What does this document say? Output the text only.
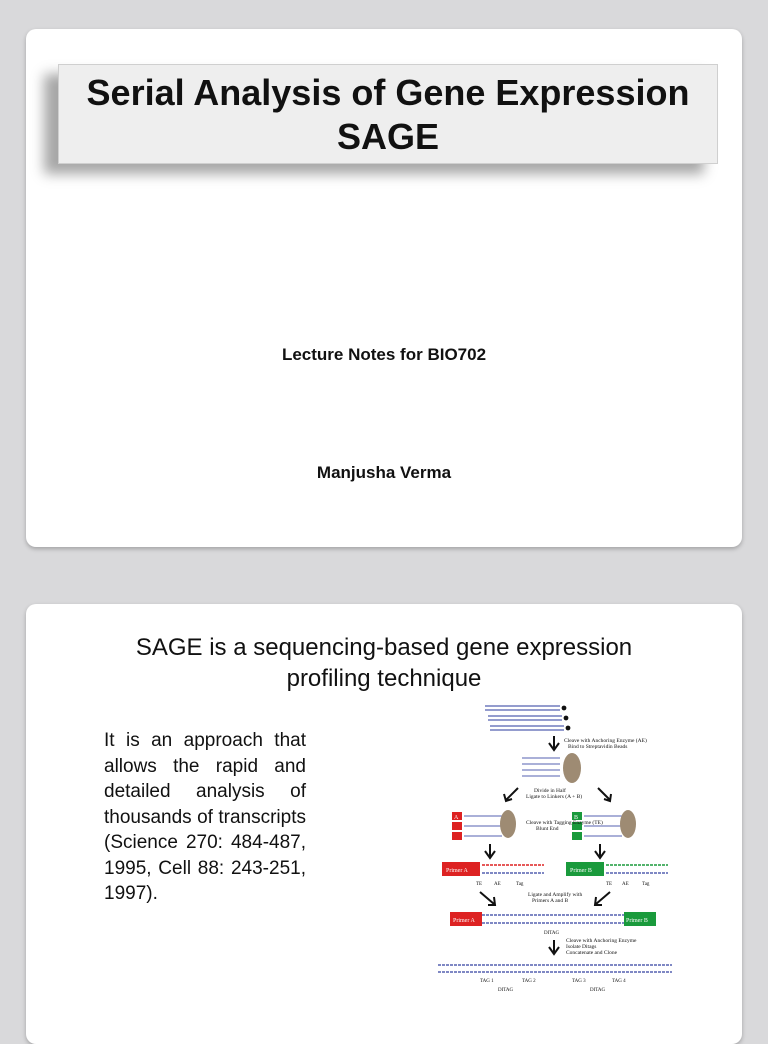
Serial Analysis of Gene Expression
SAGE
Lecture Notes for BIO702
Manjusha Verma
SAGE is a sequencing-based gene expression
profiling technique
It is an approach that allows the rapid and detailed analysis of thousands of transcripts (Science 270: 484-487, 1995, Cell 88: 243-251, 1997).
Cleave with Anchoring Enzyme (AE)
Bind to Streptavidin Beads
Divide in Half
Ligate to Linkers (A + B)
A	B
Cleave with Tagging Enzyme (TE)
Blunt End
Primer A
TE AE	Tag
Primer B
TE AE	Tag
Ligate and Amplify with
Primers A and B
Primer A	Primer B
DITAG
Cleave with Anchoring Enzyme
Isolate Ditags
Concatenate and Clone
TAG 1	TAG 2	TAG 3	TAG 4
DITAG	DITAG
